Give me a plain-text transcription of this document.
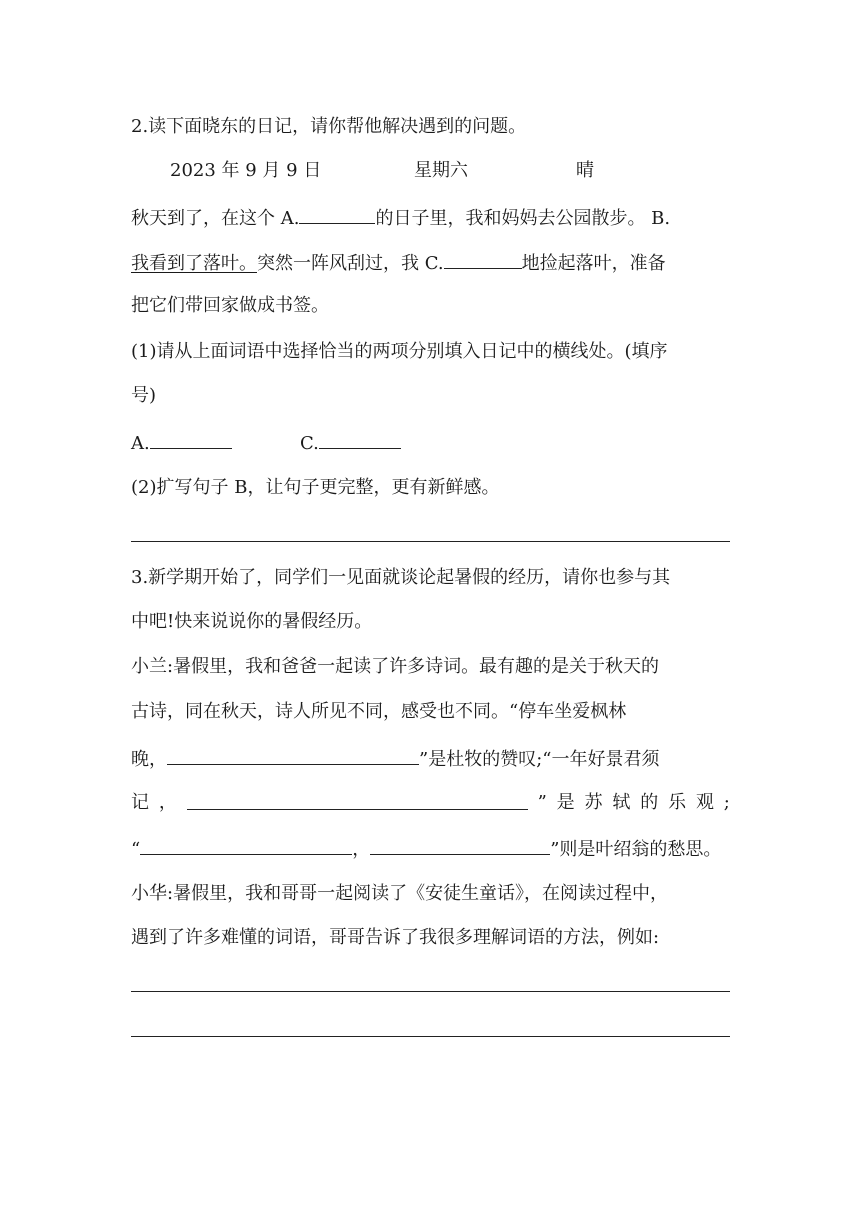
2.读下面晓东的日记，请你帮他解决遇到的问题。
2023 年 9 月 9 日	星期六	晴
秋天到了，在这个 A.	的日子里，我和妈妈去公园散步。 B.
我看到了落叶。突然一阵风刮过，我 C.	地捡起落叶，准备
把它们带回家做成书签。
(1)请从上面词语中选择恰当的两项分别填入日记中的横线处。(填序
号)
A.	C.
(2)扩写句子 B，让句子更完整，更有新鲜感。
3.新学期开始了，同学们一见面就谈论起暑假的经历，请你也参与其
中吧!快来说说你的暑假经历。
小兰:暑假里，我和爸爸一起读了许多诗词。最有趣的是关于秋天的
古诗，同在秋天，诗人所见不同，感受也不同。“停车坐爱枫林
晚，	”是杜牧的赞叹;“一年好景君须
记 ，	” 是 苏 轼 的 乐 观 ;
“	，	”则是叶绍翁的愁思。
小华:暑假里，我和哥哥一起阅读了《安徒生童话》，在阅读过程中，
遇到了许多难懂的词语，哥哥告诉了我很多理解词语的方法，例如:
